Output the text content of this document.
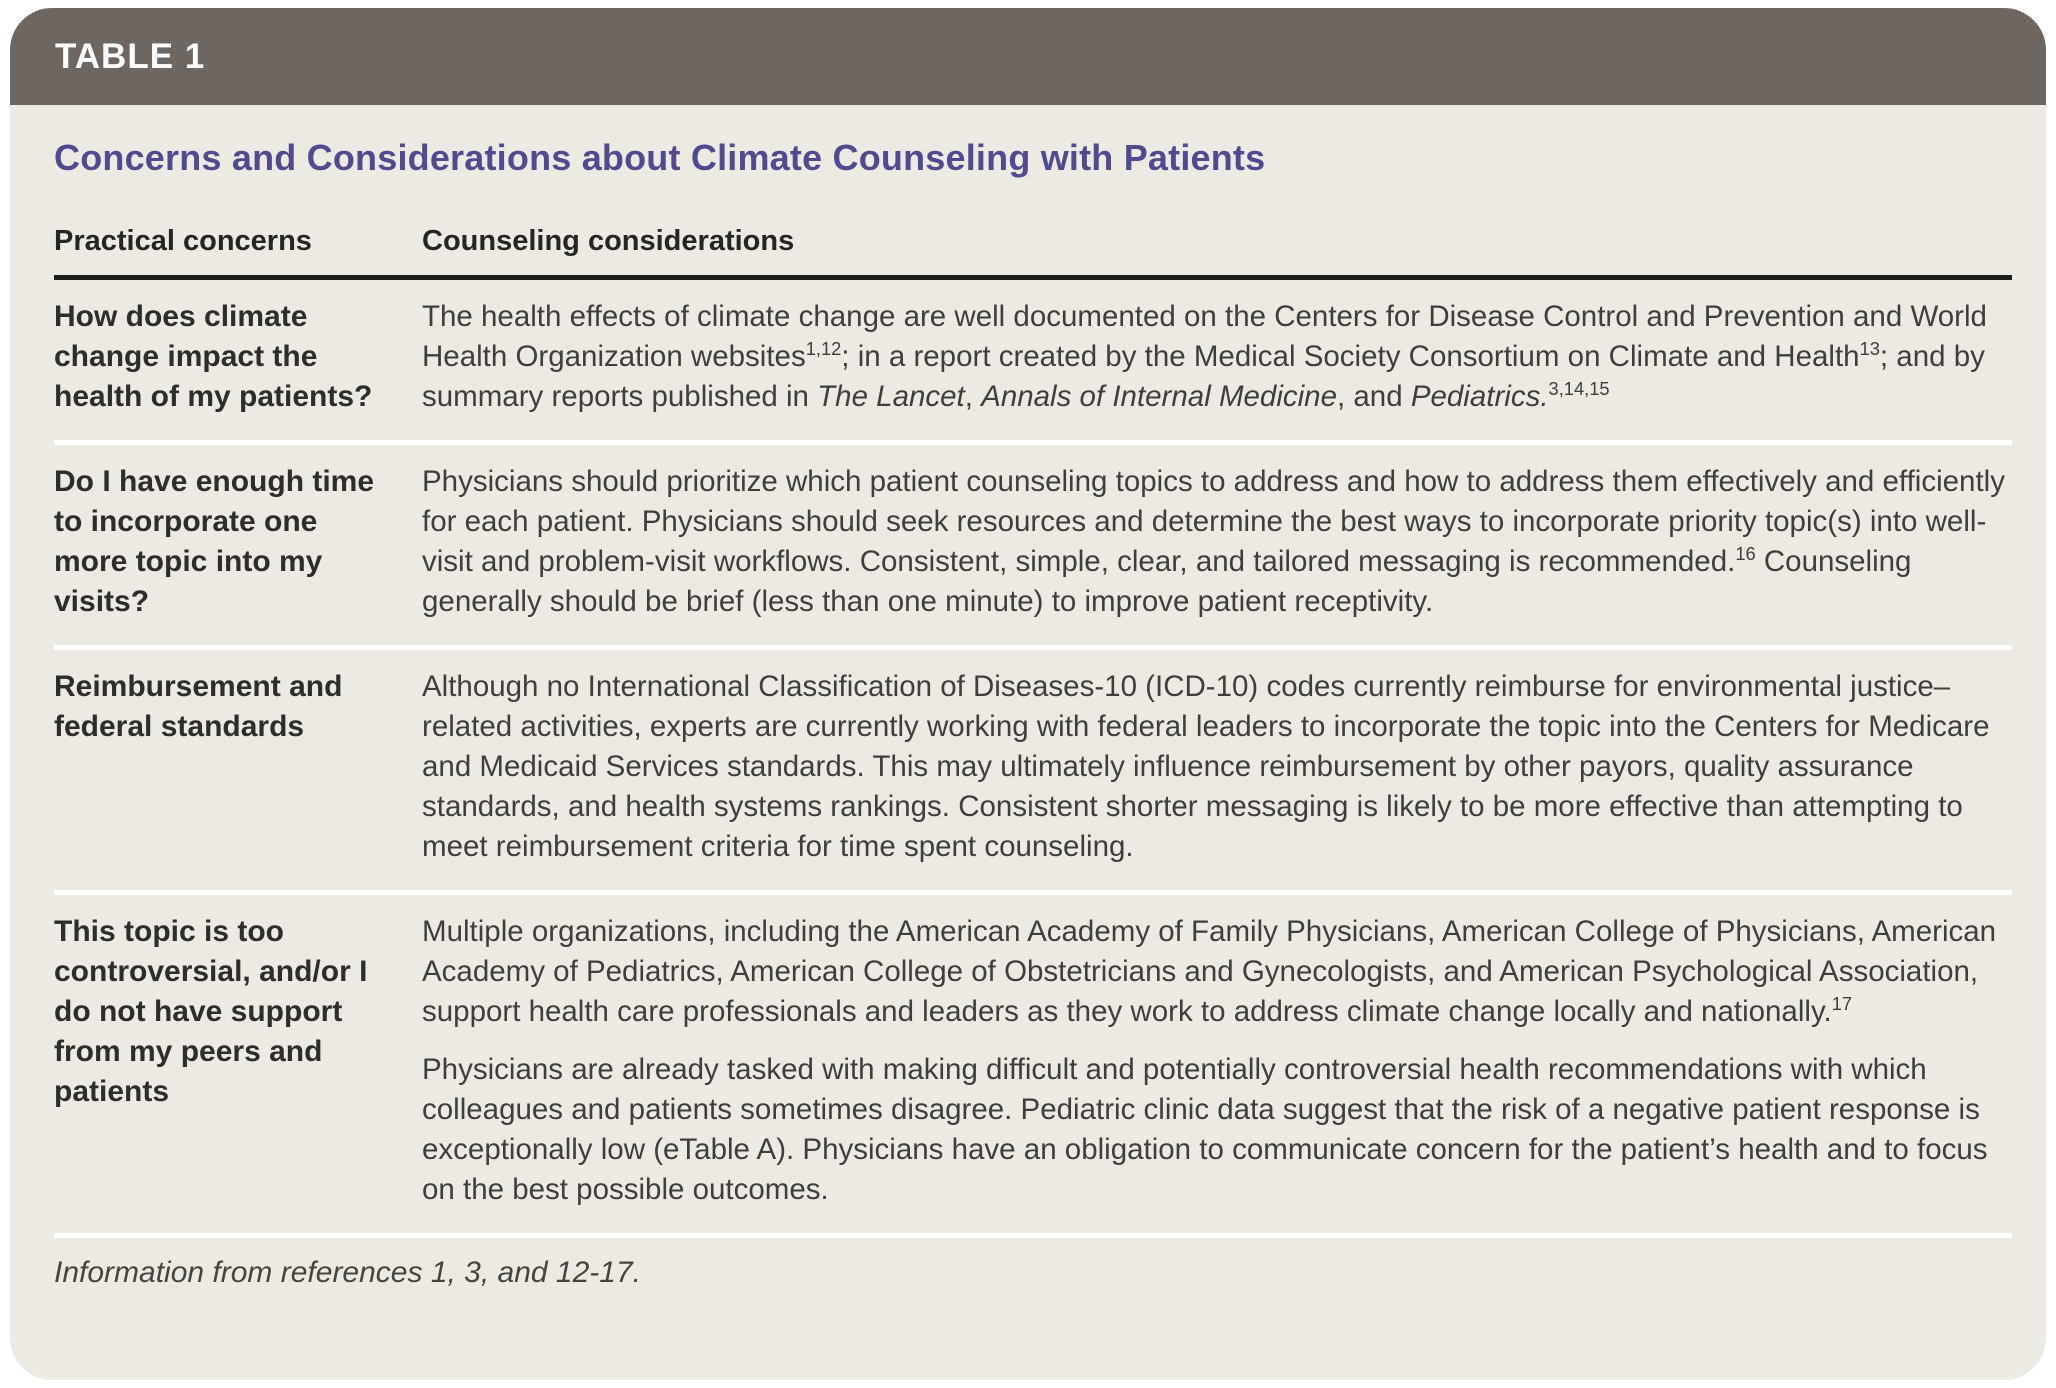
TABLE 1
Concerns and Considerations about Climate Counseling with Patients
Practical concerns	Counseling considerations
How does climate change impact the health of my patients?

The health effects of climate change are well documented on the Centers for Disease Control and Prevention and World Health Organization websites$^{1,12}$; in a report created by the Medical Society Consortium on Climate and Health$^{13}$; and by summary reports published in The Lancet, Annals of Internal Medicine, and Pediatrics.$^{3,14,15}$

Do I have enough time to incorporate one more topic into my visits?

Physicians should prioritize which patient counseling topics to address and how to address them effectively and efficiently for each patient. Physicians should seek resources and determine the best ways to incorporate priority topic(s) into well-visit and problem-visit workflows. Consistent, simple, clear, and tailored messaging is recommended.$^{16}$ Counseling generally should be brief (less than one minute) to improve patient receptivity.

Reimbursement and federal standards

Although no International Classification of Diseases-10 (ICD-10) codes currently reimburse for environmental justice–related activities, experts are currently working with federal leaders to incorporate the topic into the Centers for Medicare and Medicaid Services standards. This may ultimately influence reimbursement by other payors, quality assurance standards, and health systems rankings. Consistent shorter messaging is likely to be more effective than attempting to meet reimbursement criteria for time spent counseling.

This topic is too controversial, and/or I do not have support from my peers and patients

Multiple organizations, including the American Academy of Family Physicians, American College of Physicians, American Academy of Pediatrics, American College of Obstetricians and Gynecologists, and American Psychological Association, support health care professionals and leaders as they work to address climate change locally and nationally.$^{17}$

Physicians are already tasked with making difficult and potentially controversial health recommendations with which colleagues and patients sometimes disagree. Pediatric clinic data suggest that the risk of a negative patient response is exceptionally low (eTable A). Physicians have an obligation to communicate concern for the patient’s health and to focus on the best possible outcomes.

Information from references 1, 3, and 12-17.
